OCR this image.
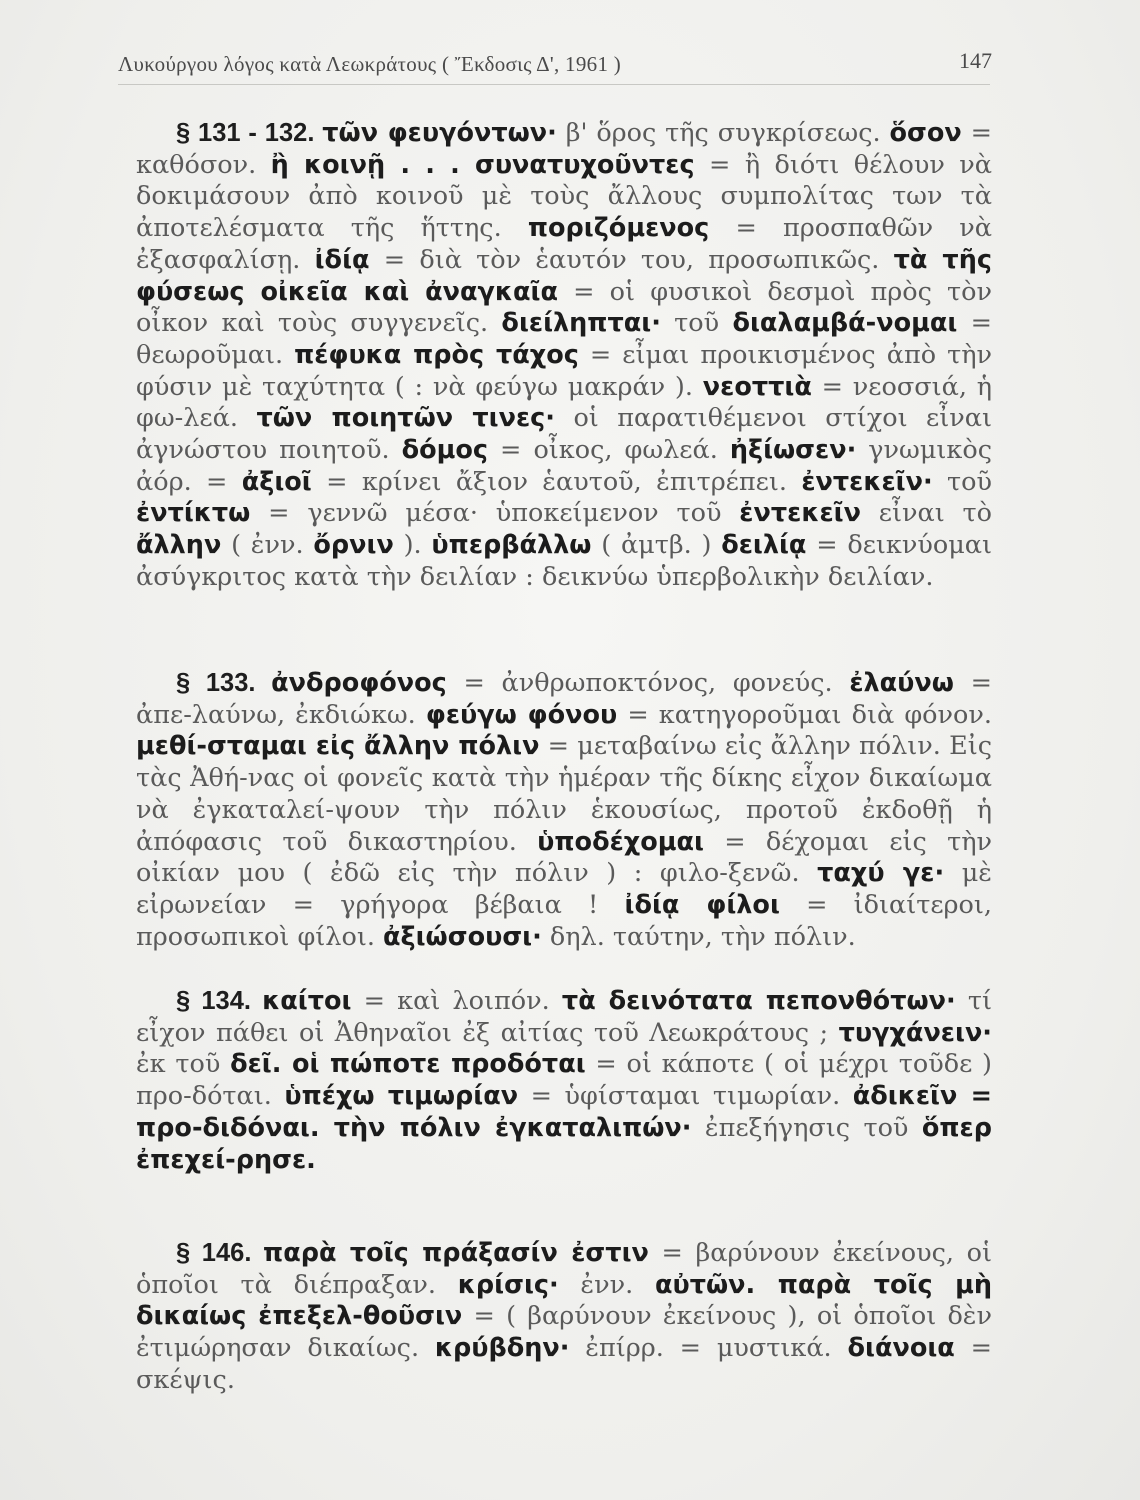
Λυκούργου λόγος κατὰ Λεωκράτους ( Ἔκδοσις Δ', 1961 )	147

§ 131 - 132. τῶν φευγόντων· β' ὅρος τῆς συγκρίσεως. ὅσον = καθόσον. ἢ κοινῇ . . . συνατυχοῦντες = ἢ διότι θέλουν νὰ δοκιμάσουν ἀπὸ κοινοῦ μὲ τοὺς ἄλλους συμπολίτας των τὰ ἀποτελέσματα τῆς ἥττης. ποριζόμενος = προσπαθῶν νὰ ἐξασφαλίσῃ. ἰδίᾳ = διὰ τὸν ἑαυτόν του, προσωπικῶς. τὰ τῆς φύσεως οἰκεῖα καὶ ἀναγκαῖα = οἱ φυσικοὶ δεσμοὶ πρὸς τὸν οἶκον καὶ τοὺς συγγενεῖς. διείληπται· τοῦ διαλαμβά-νομαι = θεωροῦμαι. πέφυκα πρὸς τάχος = εἶμαι προικισμένος ἀπὸ τὴν φύσιν μὲ ταχύτητα ( : νὰ φεύγω μακράν ). νεοττιὰ = νεοσσιά, ἡ φω-λεά. τῶν ποιητῶν τινες· οἱ παρατιθέμενοι στίχοι εἶναι ἀγνώστου ποιητοῦ. δόμος = οἶκος, φωλεά. ἠξίωσεν· γνωμικὸς ἀόρ. = ἀξιοῖ = κρίνει ἄξιον ἑαυτοῦ, ἐπιτρέπει. ἐντεκεῖν· τοῦ ἐντίκτω = γεννῶ μέσα· ὑποκείμενον τοῦ ἐντεκεῖν εἶναι τὸ ἄλλην ( ἐνν. ὄρνιν ). ὑπερβάλλω ( ἀμτβ. ) δειλίᾳ = δεικνύομαι ἀσύγκριτος κατὰ τὴν δειλίαν : δεικνύω ὑπερβολικὴν δειλίαν.

§ 133. ἀνδροφόνος = ἀνθρωποκτόνος, φονεύς. ἐλαύνω = ἀπε-λαύνω, ἐκδιώκω. φεύγω φόνου = κατηγοροῦμαι διὰ φόνον. μεθί-σταμαι εἰς ἄλλην πόλιν = μεταβαίνω εἰς ἄλλην πόλιν. Εἰς τὰς Ἀθή-νας οἱ φονεῖς κατὰ τὴν ἡμέραν τῆς δίκης εἶχον δικαίωμα νὰ ἐγκαταλεί-ψουν τὴν πόλιν ἑκουσίως, προτοῦ ἐκδοθῇ ἡ ἀπόφασις τοῦ δικαστηρίου. ὑποδέχομαι = δέχομαι εἰς τὴν οἰκίαν μου ( ἐδῶ εἰς τὴν πόλιν ) : φιλο-ξενῶ. ταχύ γε· μὲ εἰρωνείαν = γρήγορα βέβαια ! ἰδίᾳ φίλοι = ἰδιαίτεροι, προσωπικοὶ φίλοι. ἀξιώσουσι· δηλ. ταύτην, τὴν πόλιν.

§ 134. καίτοι = καὶ λοιπόν. τὰ δεινότατα πεπονθότων· τί εἶχον πάθει οἱ Ἀθηναῖοι ἐξ αἰτίας τοῦ Λεωκράτους ; τυγχάνειν· ἐκ τοῦ δεῖ. οἱ πώποτε προδόται = οἱ κάποτε ( οἱ μέχρι τοῦδε ) προ-δόται. ὑπέχω τιμωρίαν = ὑφίσταμαι τιμωρίαν. ἀδικεῖν = προ-διδόναι. τὴν πόλιν ἐγκαταλιπών· ἐπεξήγησις τοῦ ὅπερ ἐπεχεί-ρησε.

§ 146. παρὰ τοῖς πράξασίν ἐστιν = βαρύνουν ἐκείνους, οἱ ὁποῖοι τὰ διέπραξαν. κρίσις· ἐνν. αὐτῶν. παρὰ τοῖς μὴ δικαίως ἐπεξελ-θοῦσιν = ( βαρύνουν ἐκείνους ), οἱ ὁποῖοι δὲν ἐτιμώρησαν δικαίως. κρύβδην· ἐπίρρ. = μυστικά. διάνοια = σκέψις.
